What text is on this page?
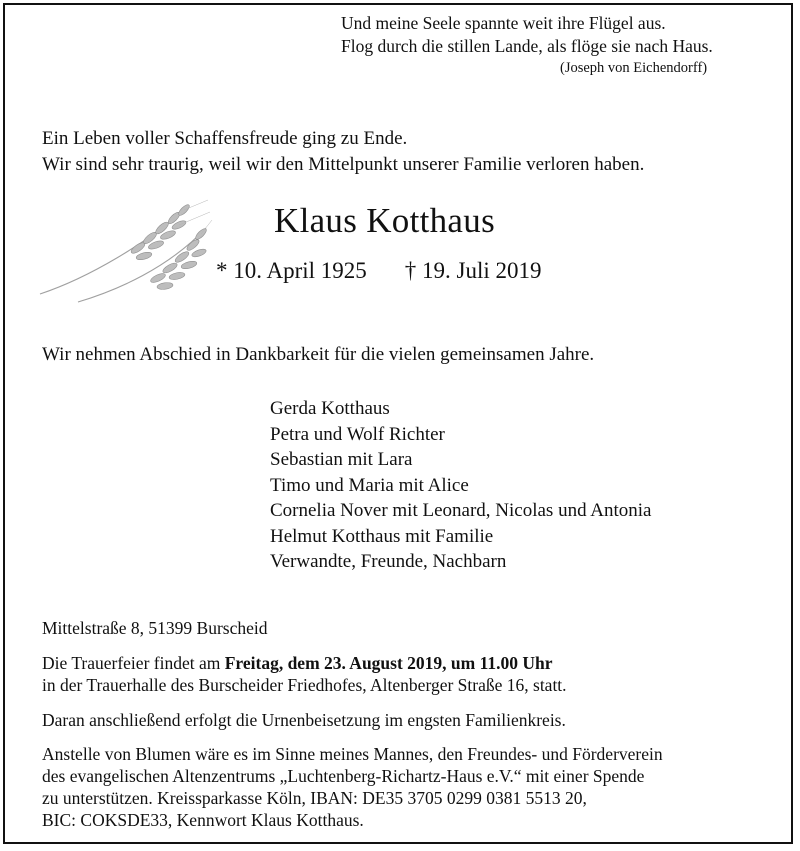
Und meine Seele spannte weit ihre Flügel aus.
Flog durch die stillen Lande, als flöge sie nach Haus.
(Joseph von Eichendorff)
Ein Leben voller Schaffensfreude ging zu Ende.
Wir sind sehr traurig, weil wir den Mittelpunkt unserer Familie verloren haben.
Klaus Kotthaus
* 10. April 1925 † 19. Juli 2019
Wir nehmen Abschied in Dankbarkeit für die vielen gemeinsamen Jahre.
Gerda Kotthaus
Petra und Wolf Richter
Sebastian mit Lara
Timo und Maria mit Alice
Cornelia Nover mit Leonard, Nicolas und Antonia
Helmut Kotthaus mit Familie
Verwandte, Freunde, Nachbarn
Mittelstraße 8, 51399 Burscheid
Die Trauerfeier findet am Freitag, dem 23. August 2019, um 11.00 Uhr
in der Trauerhalle des Burscheider Friedhofes, Altenberger Straße 16, statt.
Daran anschließend erfolgt die Urnenbeisetzung im engsten Familienkreis.
Anstelle von Blumen wäre es im Sinne meines Mannes, den Freundes- und Förderverein
des evangelischen Altenzentrums „Luchtenberg-Richartz-Haus e.V.“ mit einer Spende
zu unterstützen. Kreissparkasse Köln, IBAN: DE35 3705 0299 0381 5513 20,
BIC: COKSDE33, Kennwort Klaus Kotthaus.
